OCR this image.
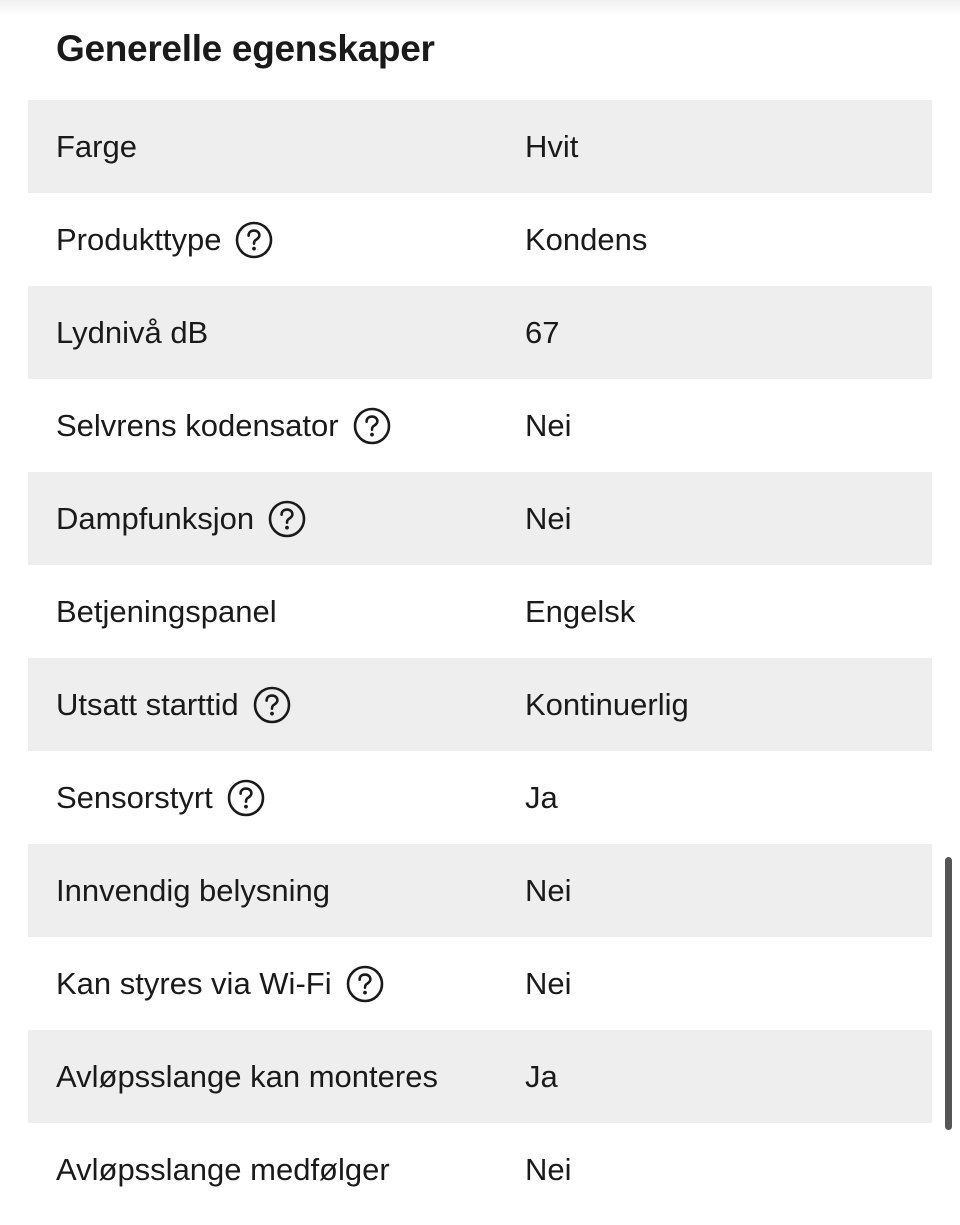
Generelle egenskaper
Farge	Hvit
Produkttype	Kondens
Lydnivå dB	67
Selvrens kodensator	Nei
Dampfunksjon	Nei
Betjeningspanel	Engelsk
Utsatt starttid	Kontinuerlig
Sensorstyrt	Ja
Innvendig belysning	Nei
Kan styres via Wi-Fi	Nei
Avløpsslange kan monteres	Ja
Avløpsslange medfølger	Nei
